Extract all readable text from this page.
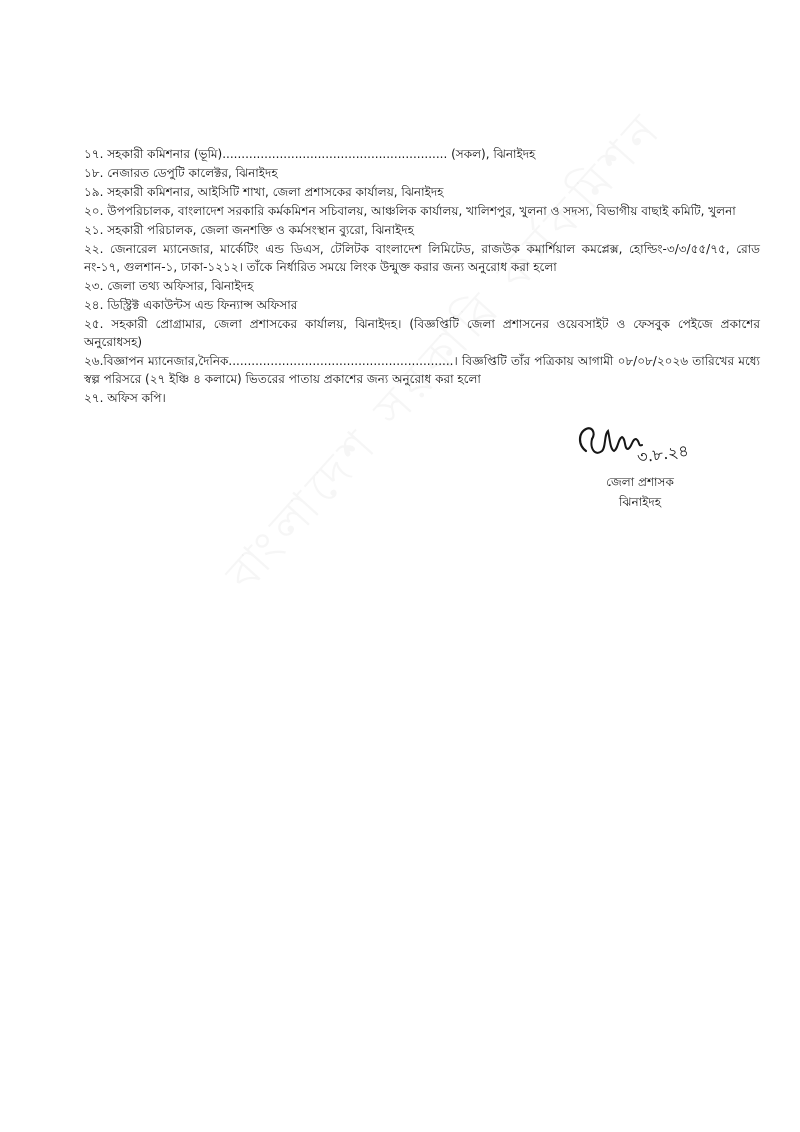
১৭. সহকারী কমিশনার (ভূমি)........................................................... (সকল), ঝিনাইদহ
১৮. নেজারত ডেপুটি কালেক্টর, ঝিনাইদহ
১৯. সহকারী কমিশনার, আইসিটি শাখা, জেলা প্রশাসকের কার্যালয়, ঝিনাইদহ
২০. উপপরিচালক, বাংলাদেশ সরকারি কর্মকমিশন সচিবালয়, আঞ্চলিক কার্যালয়, খালিশপুর, খুলনা ও সদস্য, বিভাগীয় বাছাই কমিটি, খুলনা
২১. সহকারী পরিচালক, জেলা জনশক্তি ও কর্মসংস্থান ব্যুরো, ঝিনাইদহ
২২. জেনারেল ম্যানেজার, মার্কেটিং এন্ড ডিএস, টেলিটক বাংলাদেশ লিমিটেড, রাজউক কমার্শিয়াল কমপ্লেক্স, হোল্ডিং-৩/৩/৫৫/৭৫, রোড নং-১৭, গুলশান-১, ঢাকা-১২১২। তাঁকে নির্ধারিত সময়ে লিংক উন্মুক্ত করার জন্য অনুরোধ করা হলো
২৩. জেলা তথ্য অফিসার, ঝিনাইদহ
২৪. ডিস্ট্রিক্ট একাউন্টস এন্ড ফিন্যান্স অফিসার
২৫. সহকারী প্রোগ্রামার, জেলা প্রশাসকের কার্যালয়, ঝিনাইদহ। (বিজ্ঞপ্তিটি জেলা প্রশাসনের ওয়েবসাইট ও ফেসবুক পেইজে প্রকাশের অনুরোধসহ)
২৬.বিজ্ঞাপন ম্যানেজার,দৈনিক...........................................................। বিজ্ঞপ্তিটি তাঁর পত্রিকায় আগামী ০৮/০৮/২০২৬ তারিখের মধ্যে স্বল্প পরিসরে (২৭ ইঞ্চি ৪ কলামে) ভিতরের পাতায় প্রকাশের জন্য অনুরোধ করা হলো
২৭. অফিস কপি।
৩.৮.২৪
জেলা প্রশাসক
ঝিনাইদহ
